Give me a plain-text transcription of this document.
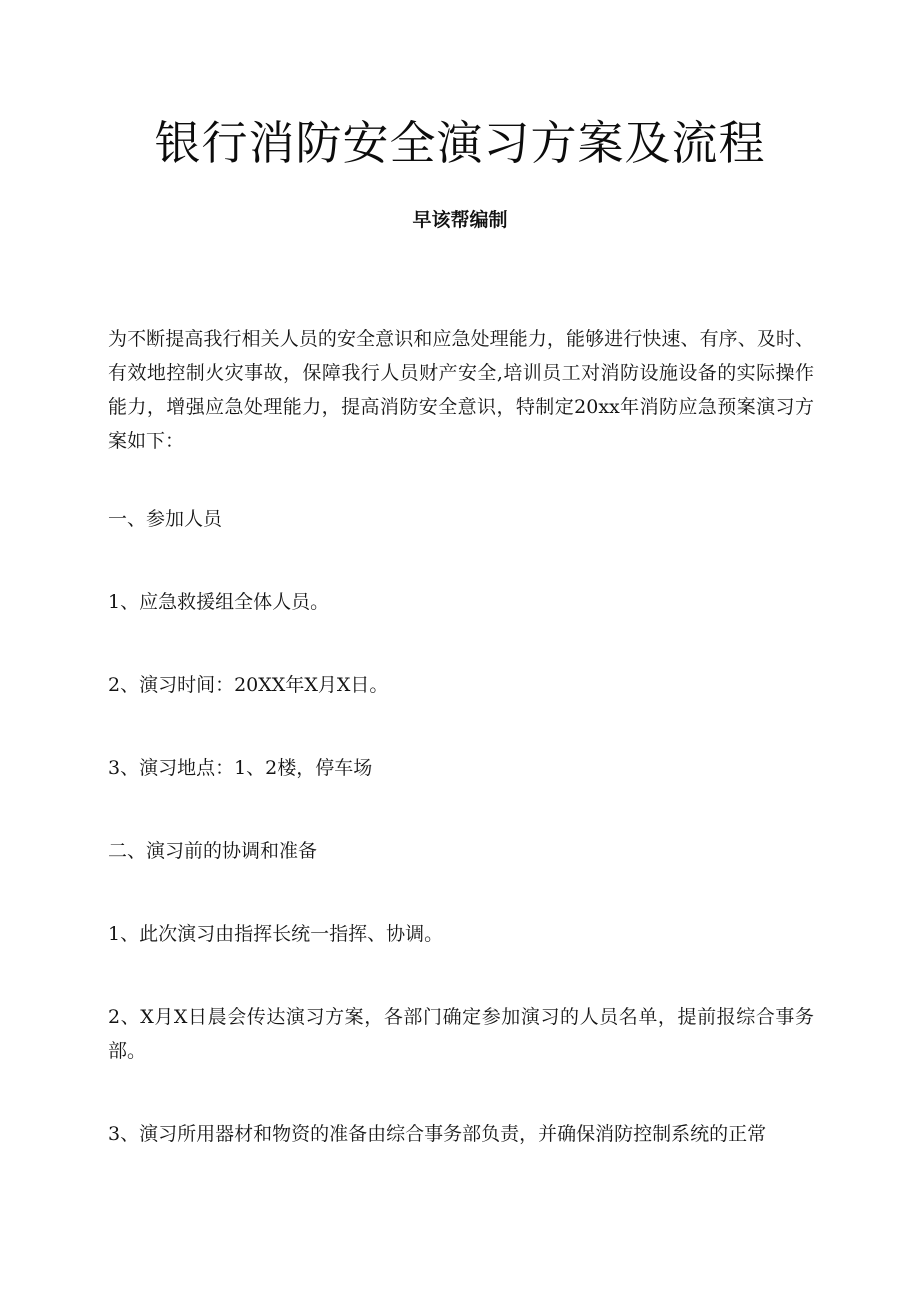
银行消防安全演习方案及流程
早该帮编制

为不断提高我行相关人员的安全意识和应急处理能力，能够进行快速、有序、及时、有效地控制火灾事故，保障我行人员财产安全,培训员工对消防设施设备的实际操作能力，增强应急处理能力，提高消防安全意识，特制定20xx年消防应急预案演习方案如下：

一、参加人员

1、应急救援组全体人员。

2、演习时间：20XX年X月X日。

3、演习地点：1、2楼，停车场

二、演习前的协调和准备

1、此次演习由指挥长统一指挥、协调。

2、X月X日晨会传达演习方案，各部门确定参加演习的人员名单，提前报综合事务部。

3、演习所用器材和物资的准备由综合事务部负责，并确保消防控制系统的正常
